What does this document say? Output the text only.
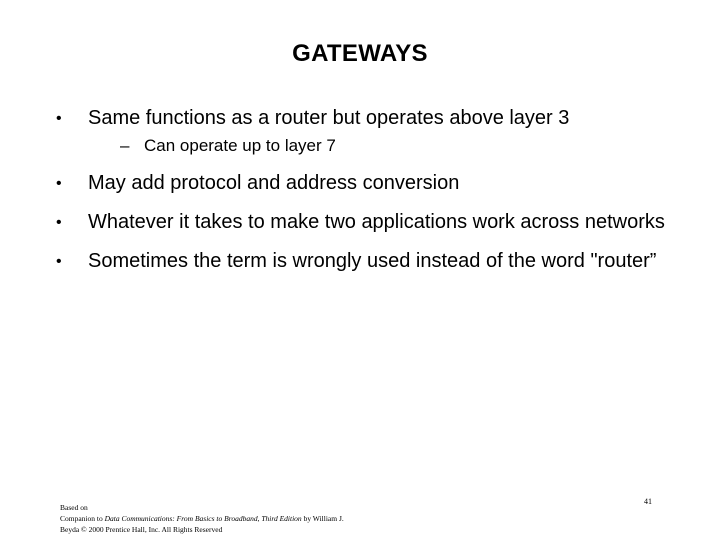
GATEWAYS
• Same functions as a router but operates above layer 3
– Can operate up to layer 7
• May add protocol and address conversion
• Whatever it takes to make two applications work across networks
• Sometimes the term is wrongly used instead of the word "router”
Based on
Companion to Data Communications: From Basics to Broadband, Third Edition by William J.
Beyda © 2000 Prentice Hall, Inc. All Rights Reserved
41
